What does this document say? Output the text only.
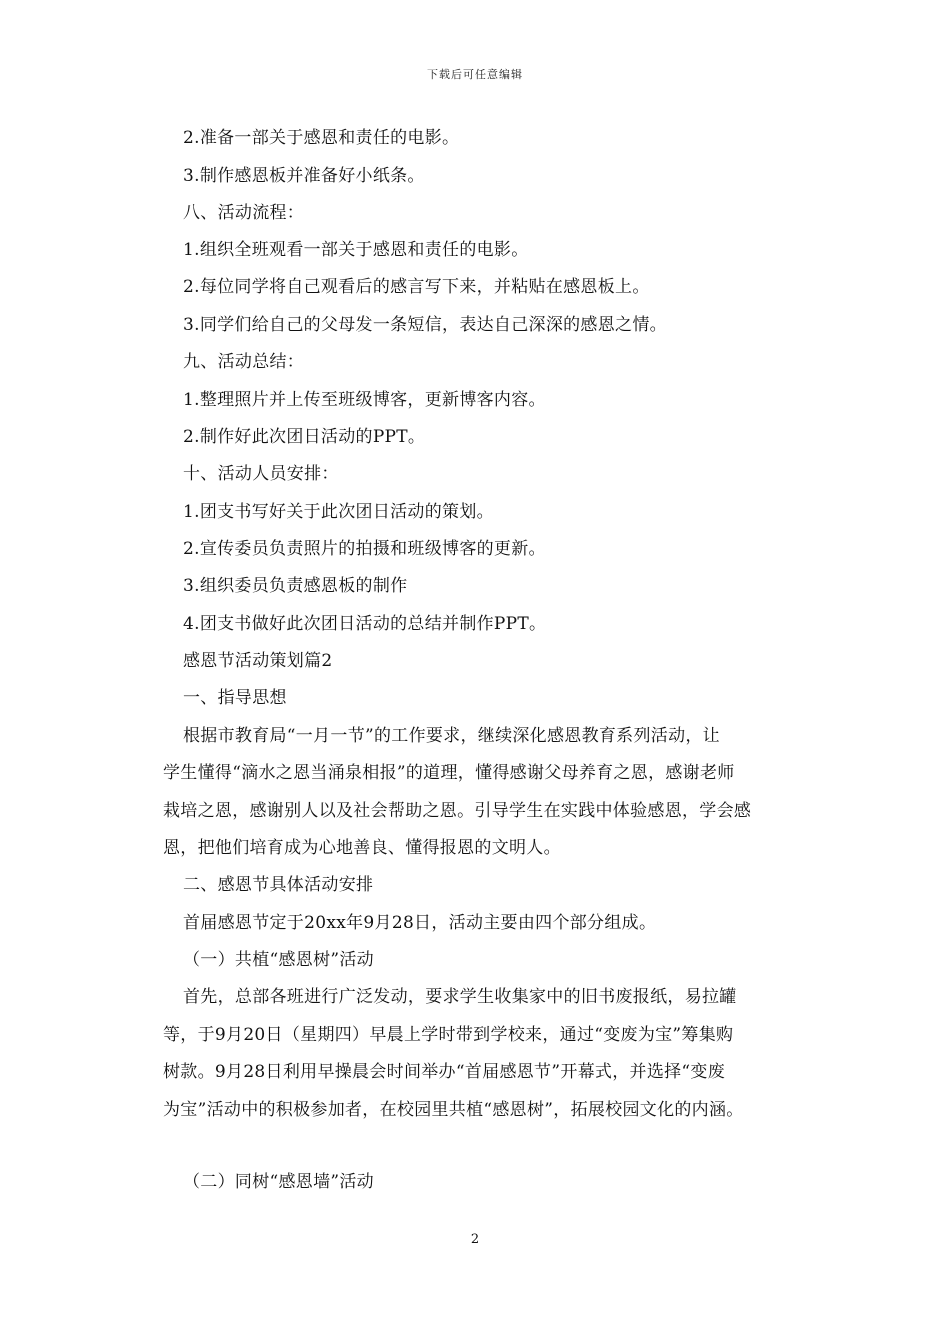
下载后可任意编辑
2.准备一部关于感恩和责任的电影。
3.制作感恩板并准备好小纸条。
八、活动流程：
1.组织全班观看一部关于感恩和责任的电影。
2.每位同学将自己观看后的感言写下来，并粘贴在感恩板上。
3.同学们给自己的父母发一条短信，表达自己深深的感恩之情。
九、活动总结：
1.整理照片并上传至班级博客，更新博客内容。
2.制作好此次团日活动的PPT。
十、活动人员安排：
1.团支书写好关于此次团日活动的策划。
2.宣传委员负责照片的拍摄和班级博客的更新。
3.组织委员负责感恩板的制作
4.团支书做好此次团日活动的总结并制作PPT。
感恩节活动策划篇2
一、指导思想
根据市教育局“一月一节”的工作要求，继续深化感恩教育系列活动，让
学生懂得“滴水之恩当涌泉相报”的道理，懂得感谢父母养育之恩，感谢老师
栽培之恩，感谢别人以及社会帮助之恩。引导学生在实践中体验感恩，学会感
恩，把他们培育成为心地善良、懂得报恩的文明人。
二、感恩节具体活动安排
首届感恩节定于20xx年9月28日，活动主要由四个部分组成。
（一）共植“感恩树”活动
首先，总部各班进行广泛发动，要求学生收集家中的旧书废报纸，易拉罐
等，于9月20日（星期四）早晨上学时带到学校来，通过“变废为宝”筹集购
树款。9月28日利用早操晨会时间举办“首届感恩节”开幕式，并选择“变废
为宝”活动中的积极参加者，在校园里共植“感恩树”，拓展校园文化的内涵。
（二）同树“感恩墙”活动
2
